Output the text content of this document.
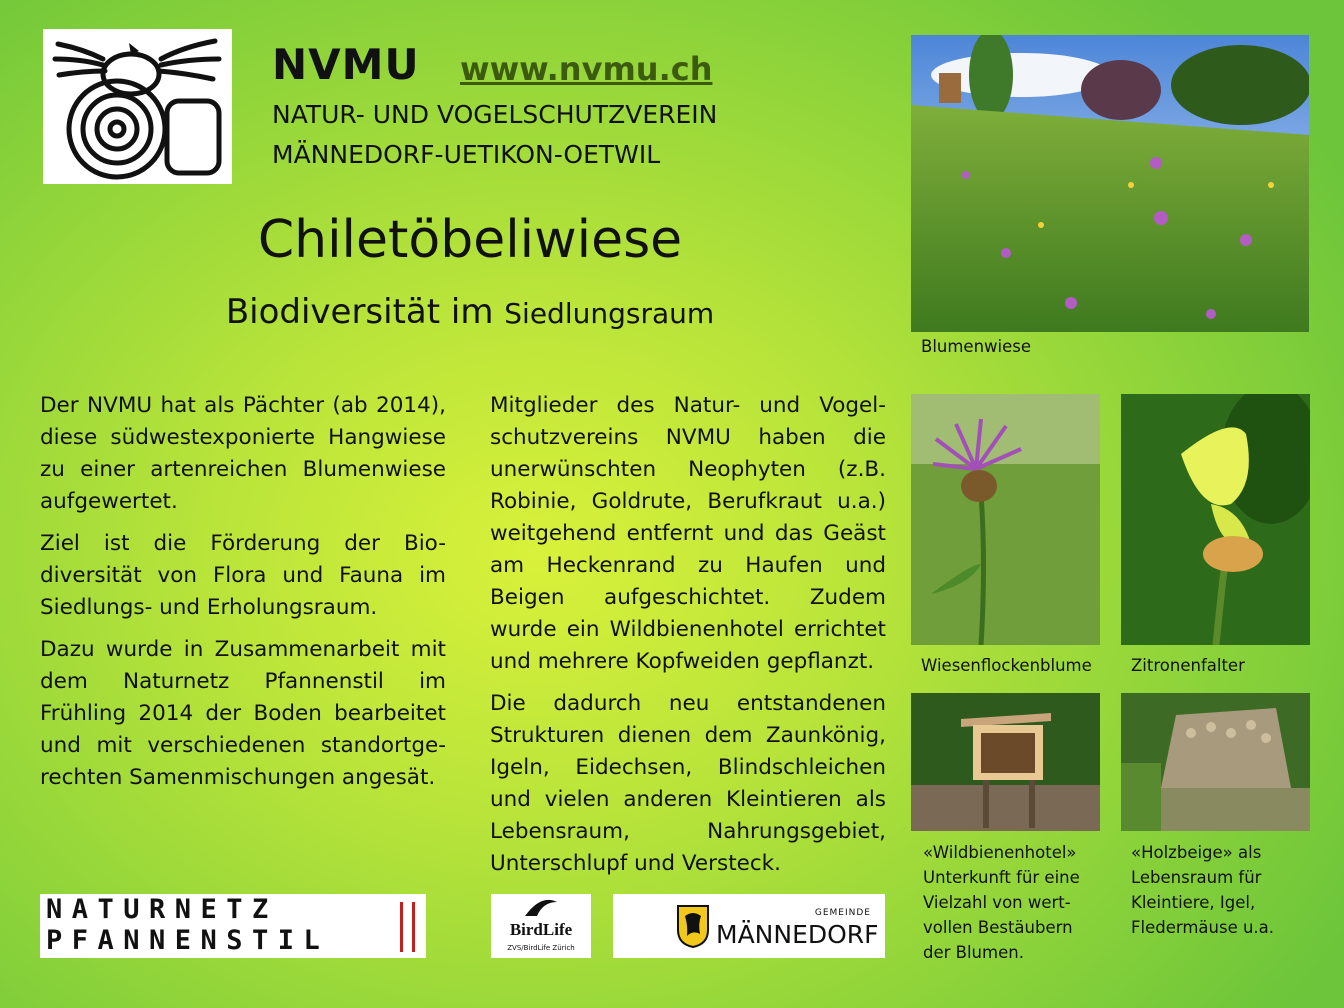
NVMU www.nvmu.ch
NATUR- UND VOGELSCHUTZVEREIN
MÄNNEDORF-UETIKON-OETWIL
Chiletöbeliwiese
Biodiversität im Siedlungsraum

Der NVMU hat als Pächter (ab 2014), diese südwestexponierte Hangwiese zu einer artenreichen Blumenwiese aufgewertet.

Ziel ist die Förderung der Bio-diversität von Flora und Fauna im Siedlungs- und Erholungsraum.

Dazu wurde in Zusammenarbeit mit dem Naturnetz Pfannenstil im Frühling 2014 der Boden bearbeitet und mit verschiedenen standortge-rechten Samenmischungen angesät.

Mitglieder des Natur- und Vogel-schutzvereins NVMU haben die unerwünschten Neophyten (z.B. Robinie, Goldrute, Berufkraut u.a.) weitgehend entfernt und das Geäst am Heckenrand zu Haufen und Beigen aufgeschichtet. Zudem wurde ein Wildbienenhotel errichtet und mehrere Kopfweiden gepflanzt.

Die dadurch neu entstandenen Strukturen dienen dem Zaunkönig, Igeln, Eidechsen, Blindschleichen und vielen anderen Kleintieren als Lebensraum, Nahrungsgebiet, Unterschlupf und Versteck.

Blumenwiese
Wiesenflockenblume Zitronenfalter
«Wildbienenhotel»
Unterkunft für eine
Vielzahl von wert-
vollen Bestäubern
der Blumen.
«Holzbeige» als
Lebensraum für
Kleintiere, Igel,
Fledermäuse u.a.
NATURNETZ
PFANNENSTIL	BirdLife
ZVS/BirdLife Zürich
GEMEINDE
MÄNNEDORF
